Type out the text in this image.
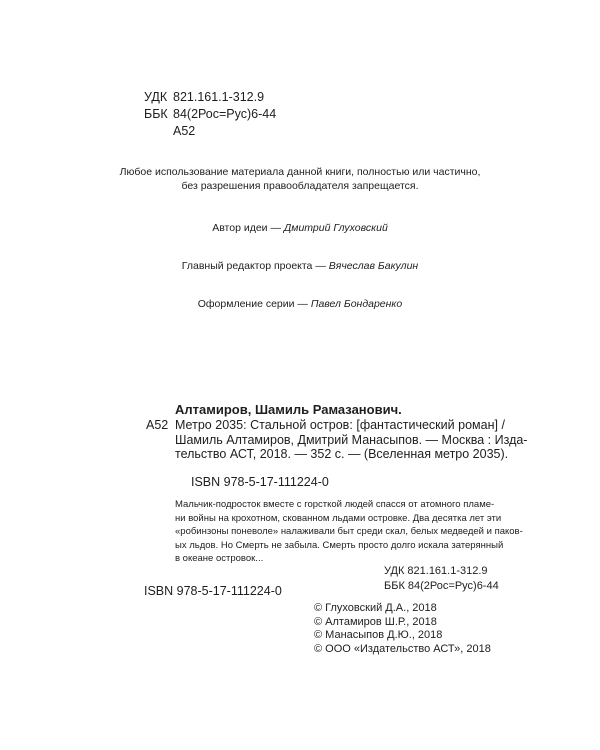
УДК 821.161.1-312.9
ББК 84(2Рос=Рус)6-44
А52
Любое использование материала данной книги, полностью или частично,
без разрешения правообладателя запрещается.
Автор идеи — Дмитрий Глуховский
Главный редактор проекта — Вячеслав Бакулин
Оформление серии — Павел Бондаренко
Алтамиров, Шамиль Рамазанович.
А52 Метро 2035: Стальной остров: [фантастический роман] /
Шамиль Алтамиров, Дмитрий Манасыпов. — Москва : Изда-
тельство АСТ, 2018. — 352 с. — (Вселенная метро 2035).
ISBN 978-5-17-111224-0
Мальчик-подросток вместе с горсткой людей спасся от атомного пламе-
ни войны на крохотном, скованном льдами островке. Два десятка лет эти
«робинзоны поневоле» налаживали быт среди скал, белых медведей и паков-
ых льдов. Но Смерть не забыла. Смерть просто долго искала затерянный
в океане островок...
УДК 821.161.1-312.9
ББК 84(2Рос=Рус)6-44
ISBN 978-5-17-111224-0
© Глуховский Д.А., 2018
© Алтамиров Ш.Р., 2018
© Манасыпов Д.Ю., 2018
© ООО «Издательство АСТ», 2018
